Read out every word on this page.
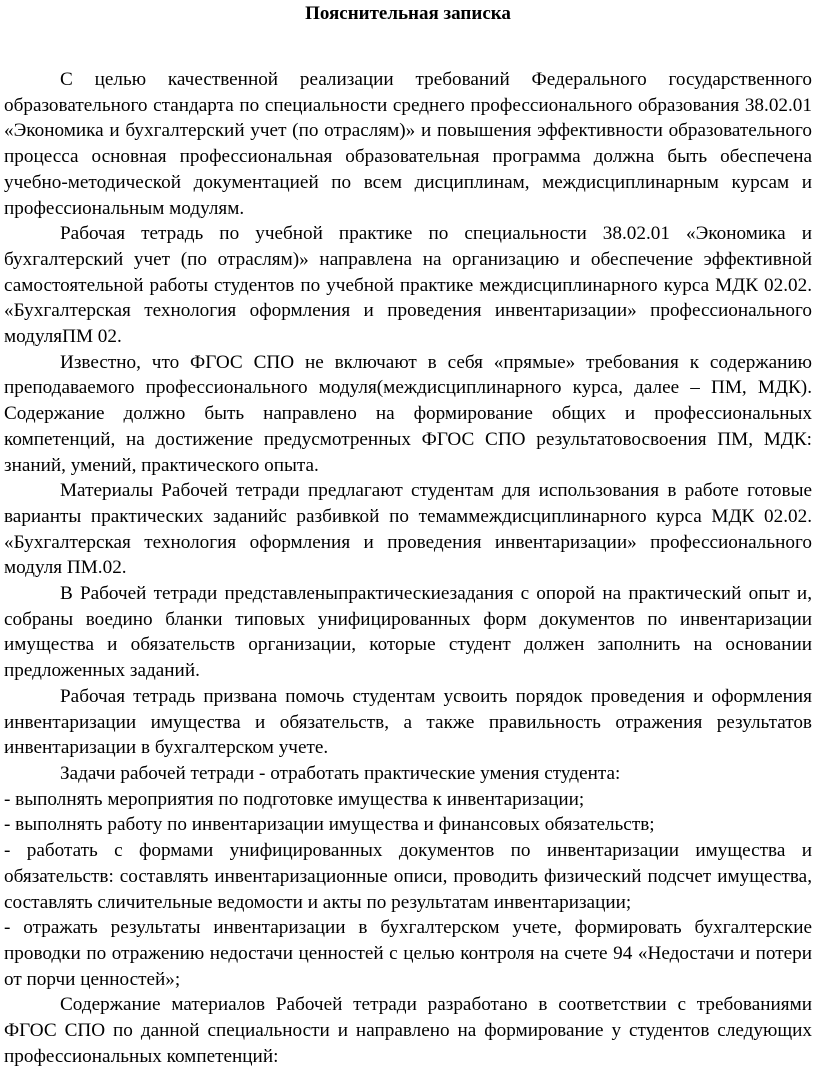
Пояснительная записка

С целью качественной реализации требований Федерального государственного образовательного стандарта по специальности среднего профессионального образования 38.02.01 «Экономика и бухгалтерский учет (по отраслям)» и повышения эффективности образовательного процесса основная профессиональная образовательная программа должна быть обеспечена учебно-методической документацией по всем дисциплинам, междисциплинарным курсам и профессиональным модулям.

Рабочая тетрадь по учебной практике по специальности 38.02.01 «Экономика и бухгалтерский учет (по отраслям)» направлена на организацию и обеспечение эффективной самостоятельной работы студентов по учебной практике междисциплинарного курса МДК 02.02. «Бухгалтерская технология оформления и проведения инвентаризации» профессионального модуляПМ 02.

Известно, что ФГОС СПО не включают в себя «прямые» требования к содержанию преподаваемого профессионального модуля(междисциплинарного курса, далее – ПМ, МДК). Содержание должно быть направлено на формирование общих и профессиональных компетенций, на достижение предусмотренных ФГОС СПО результатовосвоения ПМ, МДК: знаний, умений, практического опыта.

Материалы Рабочей тетради предлагают студентам для использования в работе готовые варианты практических заданийс разбивкой по темаммеждисциплинарного курса МДК 02.02. «Бухгалтерская технология оформления и проведения инвентаризации» профессионального модуля ПМ.02.

В Рабочей тетради представленыпрактическиезадания с опорой на практический опыт и, собраны воедино бланки типовых унифицированных форм документов по инвентаризации имущества и обязательств организации, которые студент должен заполнить на основании предложенных заданий.

Рабочая тетрадь призвана помочь студентам усвоить порядок проведения и оформления инвентаризации имущества и обязательств, а также правильность отражения результатов инвентаризации в бухгалтерском учете.

Задачи рабочей тетради - отработать практические умения студента:

- выполнять мероприятия по подготовке имущества к инвентаризации;

- выполнять работу по инвентаризации имущества и финансовых обязательств;

- работать с формами унифицированных документов по инвентаризации имущества и обязательств: составлять инвентаризационные описи, проводить физический подсчет имущества, составлять сличительные ведомости и акты по результатам инвентаризации;

- отражать результаты инвентаризации в бухгалтерском учете, формировать бухгалтерские проводки по отражению недостачи ценностей с целью контроля на счете 94 «Недостачи и потери от порчи ценностей»;

Содержание материалов Рабочей тетради разработано в соответствии с требованиями ФГОС СПО по данной специальности и направлено на формирование у студентов следующих профессиональных компетенций:
